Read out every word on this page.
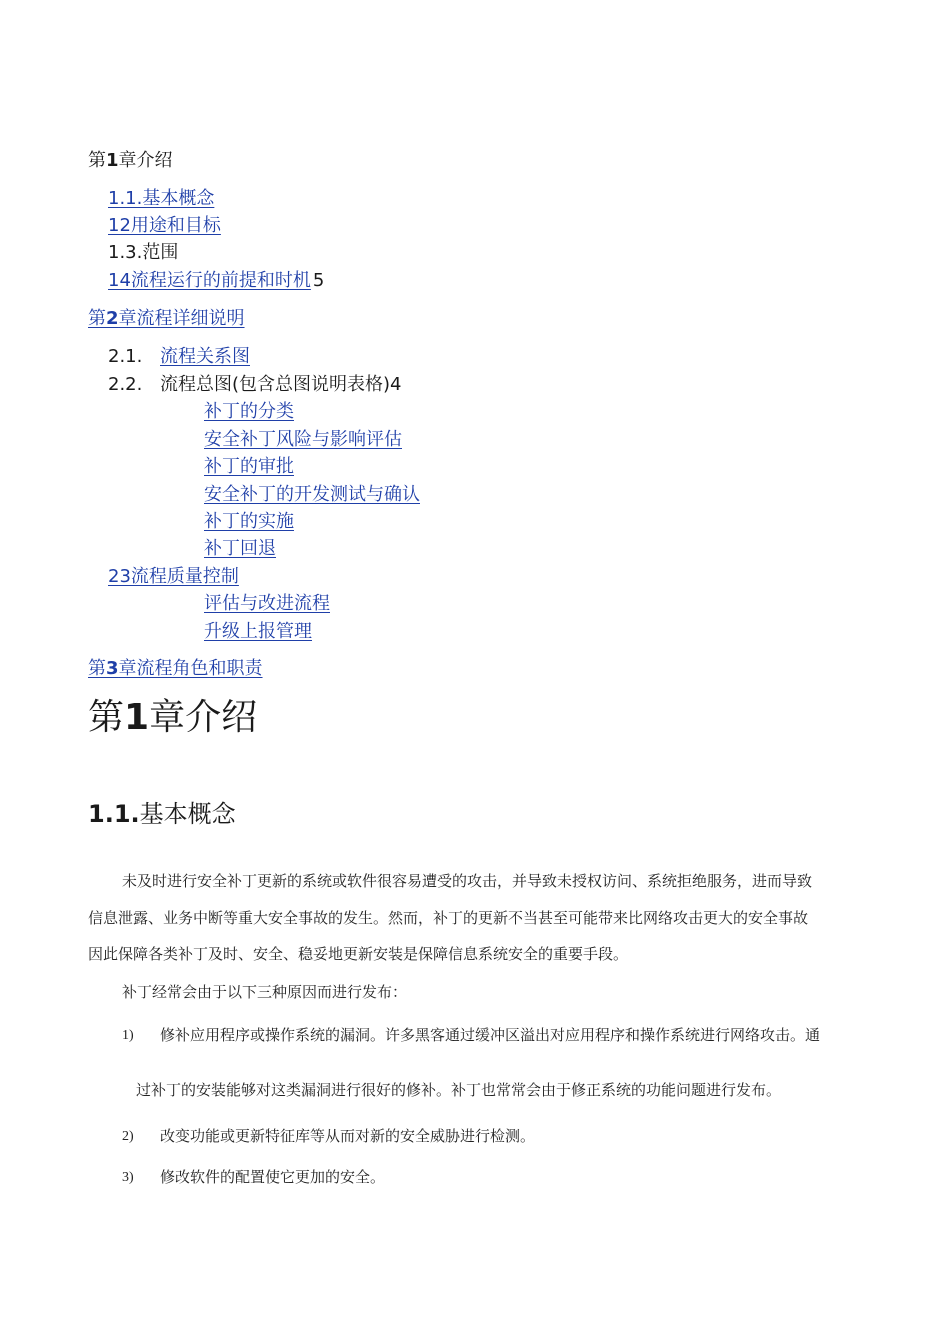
第1章介绍
1.1.基本概念
12用途和目标
1.3.范围
14流程运行的前提和时机 5
第2章流程详细说明
2.1. 流程关系图
2.2. 流程总图(包含总图说明表格)4
补丁的分类
安全补丁风险与影响评估
补丁的审批
安全补丁的开发测试与确认
补丁的实施
补丁回退
23流程质量控制
评估与改进流程
升级上报管理
第3章流程角色和职责
第1章介绍
1.1.基本概念
未及时进行安全补丁更新的系统或软件很容易遭受的攻击，并导致未授权访问、系统拒绝服务，进而导致
信息泄露、业务中断等重大安全事故的发生。然而，补丁的更新不当甚至可能带来比网络攻击更大的安全事故
因此保障各类补丁及时、安全、稳妥地更新安装是保障信息系统安全的重要手段。
补丁经常会由于以下三种原因而进行发布：
1) 修补应用程序或操作系统的漏洞。许多黑客通过缓冲区溢出对应用程序和操作系统进行网络攻击。通
过补丁的安装能够对这类漏洞进行很好的修补。补丁也常常会由于修正系统的功能问题进行发布。
2) 改变功能或更新特征库等从而对新的安全威胁进行检测。
3) 修改软件的配置使它更加的安全。
